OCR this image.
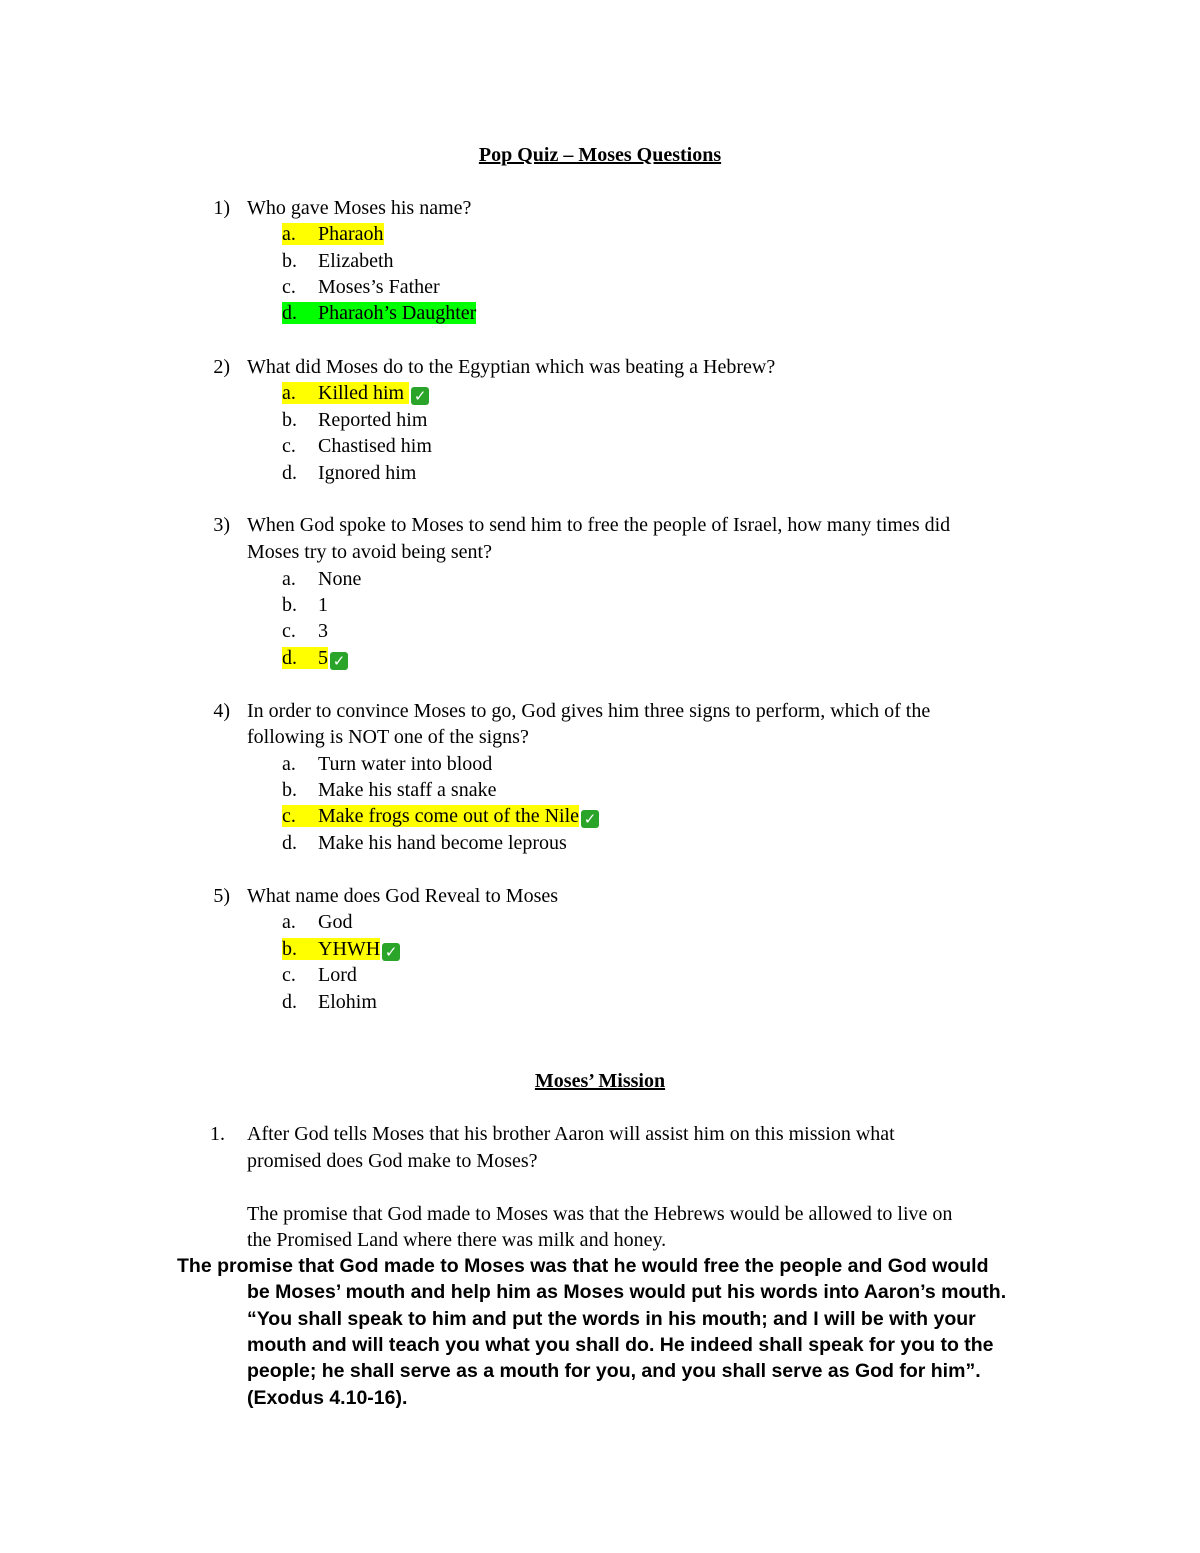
Pop Quiz – Moses Questions
1) Who gave Moses his name?
a. Pharaoh
b. Elizabeth
c. Moses’s Father
d. Pharaoh’s Daughter
2) What did Moses do to the Egyptian which was beating a Hebrew?
a. Killed him ✓
b. Reported him
c. Chastised him
d. Ignored him
3) When God spoke to Moses to send him to free the people of Israel, how many times did
Moses try to avoid being sent?
a. None
b. 1
c. 3
d. 5 ✓
4) In order to convince Moses to go, God gives him three signs to perform, which of the
following is NOT one of the signs?
a. Turn water into blood
b. Make his staff a snake
c. Make frogs come out of the Nile ✓
d. Make his hand become leprous
5) What name does God Reveal to Moses
a. God
b. YHWH ✓
c. Lord
d. Elohim
Moses’ Mission
1. After God tells Moses that his brother Aaron will assist him on this mission what
promised does God make to Moses?
The promise that God made to Moses was that the Hebrews would be allowed to live on
the Promised Land where there was milk and honey.
The promise that God made to Moses was that he would free the people and God would
be Moses’ mouth and help him as Moses would put his words into Aaron’s mouth.
“You shall speak to him and put the words in his mouth; and I will be with your
mouth and will teach you what you shall do. He indeed shall speak for you to the
people; he shall serve as a mouth for you, and you shall serve as God for him”.
(Exodus 4.10-16).
